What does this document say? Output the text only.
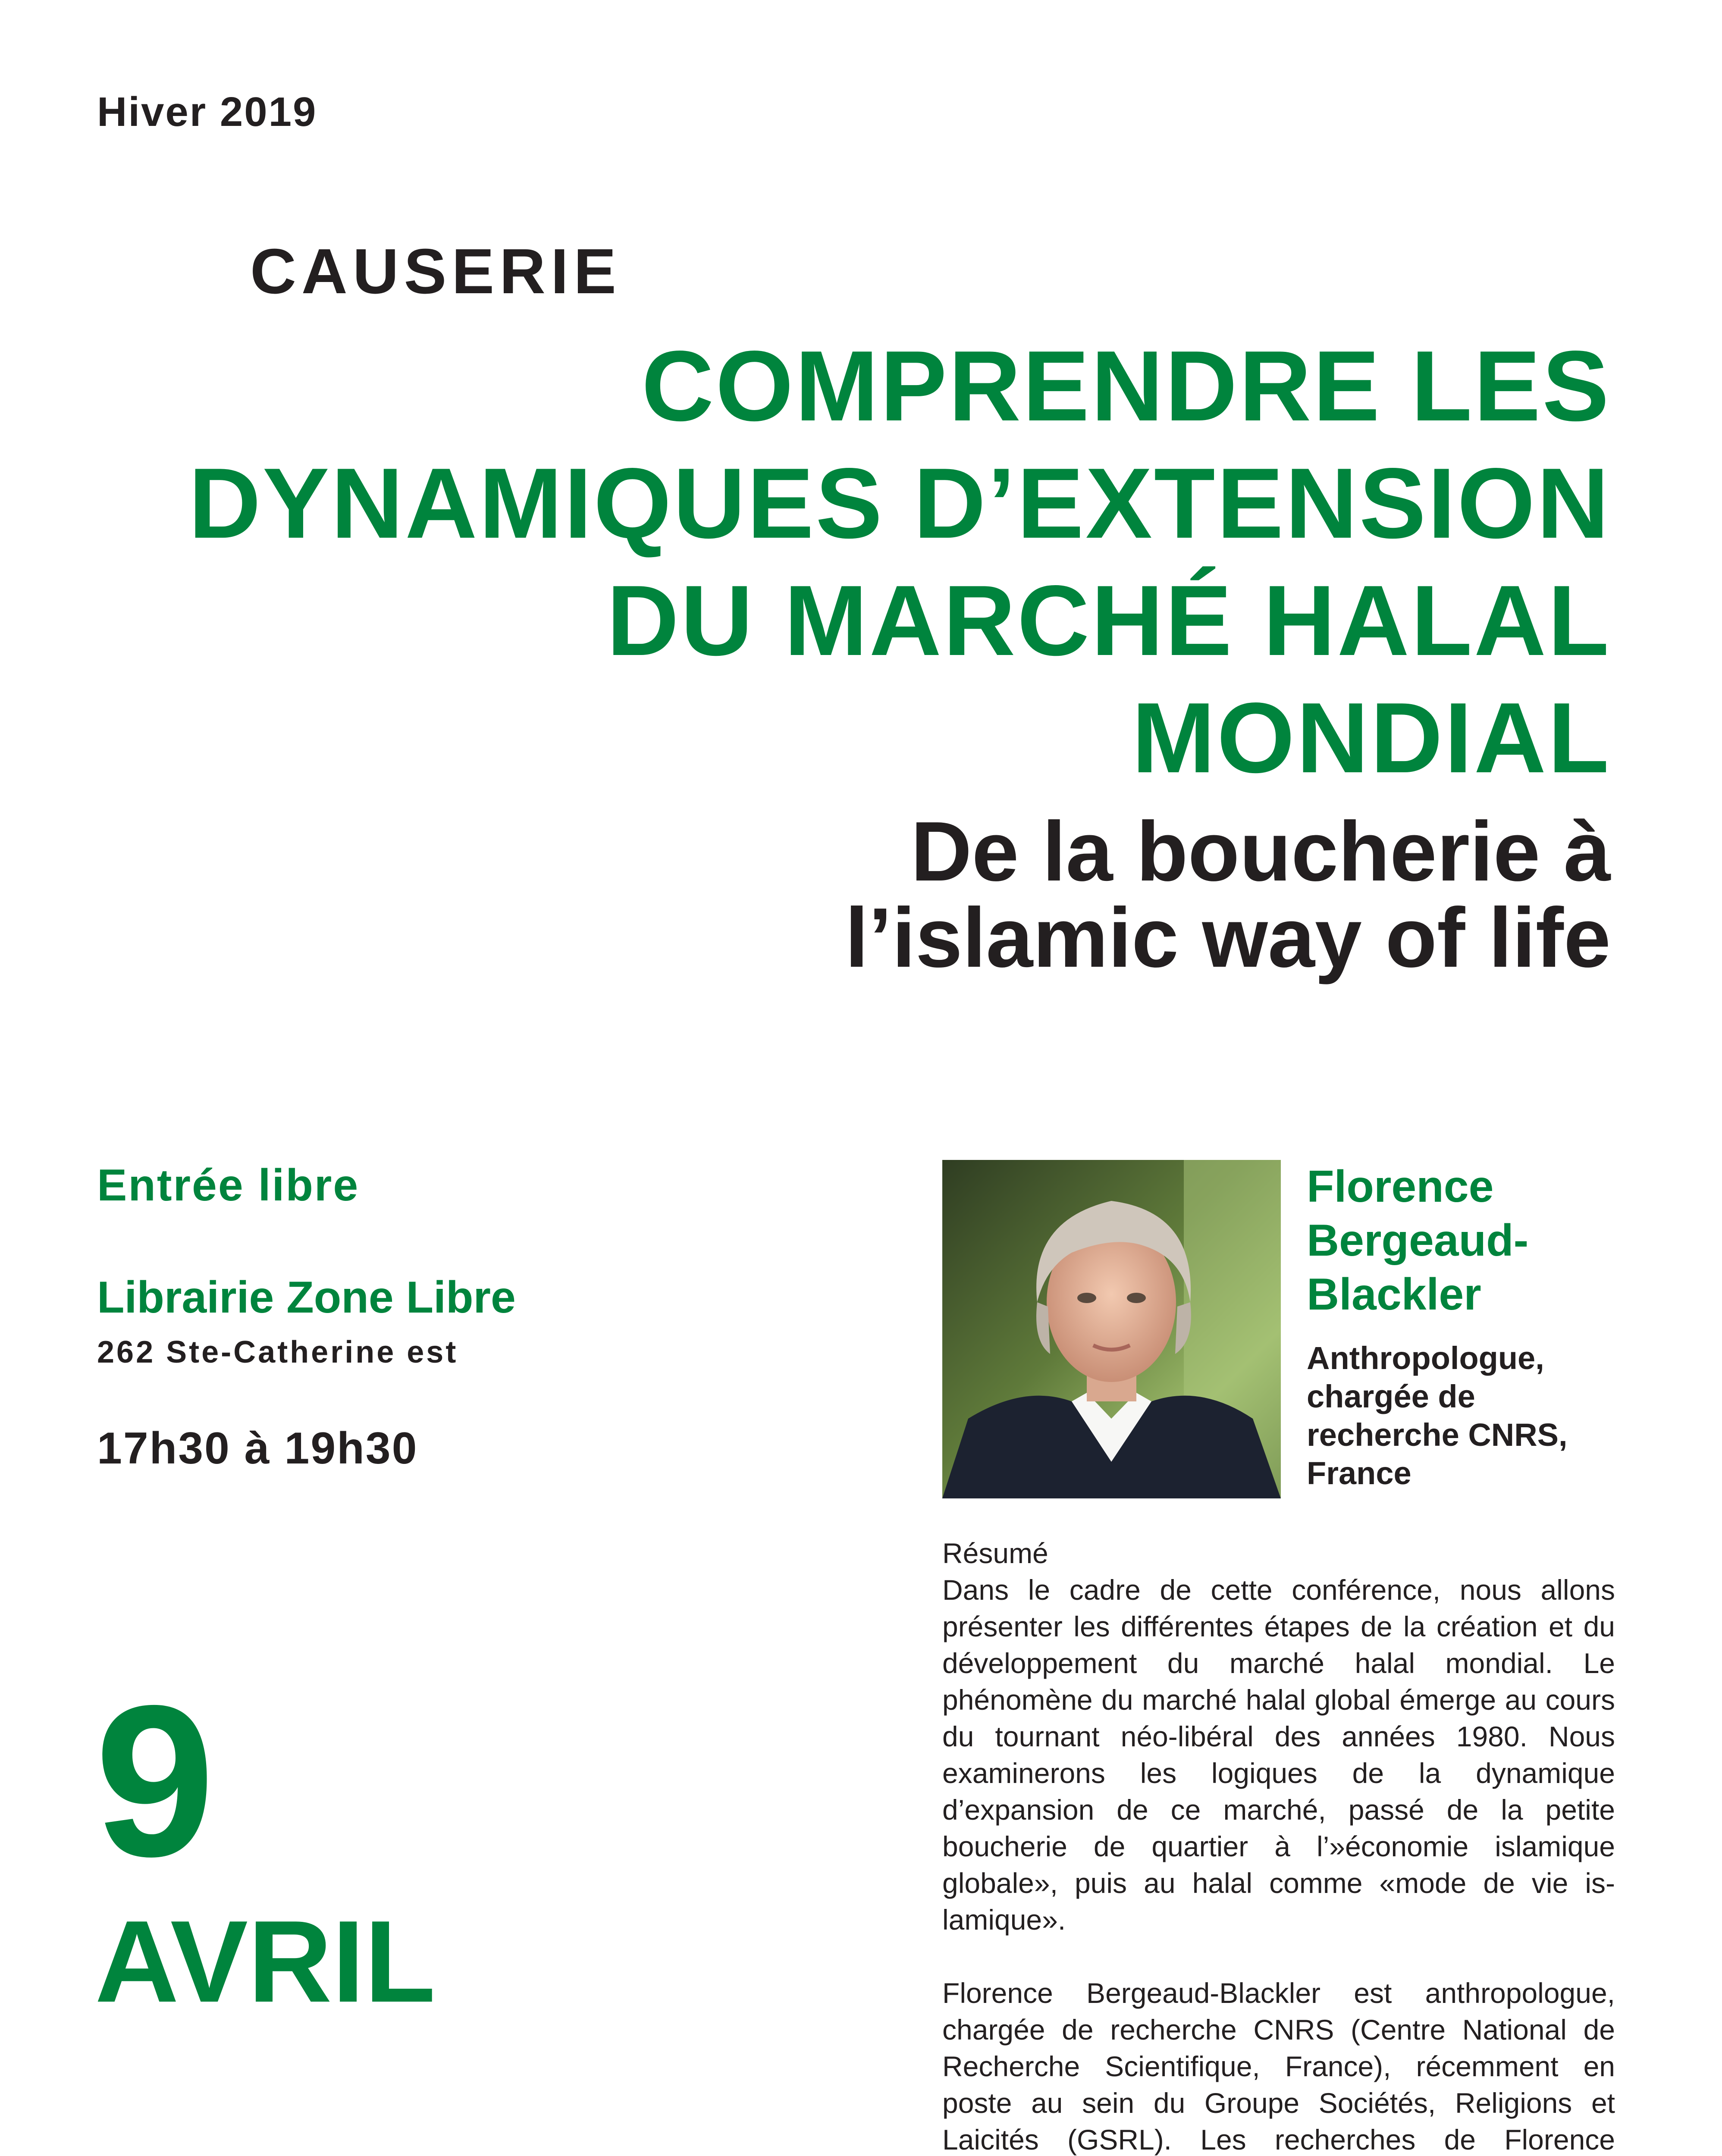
Hiver 2019
CAUSERIE
COMPRENDRE LES
DYNAMIQUES D’EXTENSION
DU MARCHÉ HALAL
MONDIAL
De la boucherie à
l’islamic way of life
Entrée libre
Librairie Zone Libre
262 Ste-Catherine est
17h30 à 19h30
9
AVRIL
Florence
Bergeaud-
Blackler
Anthropologue,
chargée de
recherche CNRS,
France

Résumé

Dans le cadre de cette conférence, nous allons présenter les différentes étapes de la création et du développement du marché halal mondial. Le phénomène du marché halal global émerge au cours du tournant néo-libéral des années 1980. Nous examinerons les logiques de la dynamique d’expansion de ce marché, passé de la petite boucherie de quartier à l’»économie islamique globale», puis au halal comme «mode de vie is-lamique».

Florence Bergeaud-Blackler est anthropologue, chargée de recherche CNRS (Centre National de Recherche Scientifique, France), récemment en poste au sein du Groupe Sociétés, Religions et Laicités (GSRL). Les recherches de Florence
